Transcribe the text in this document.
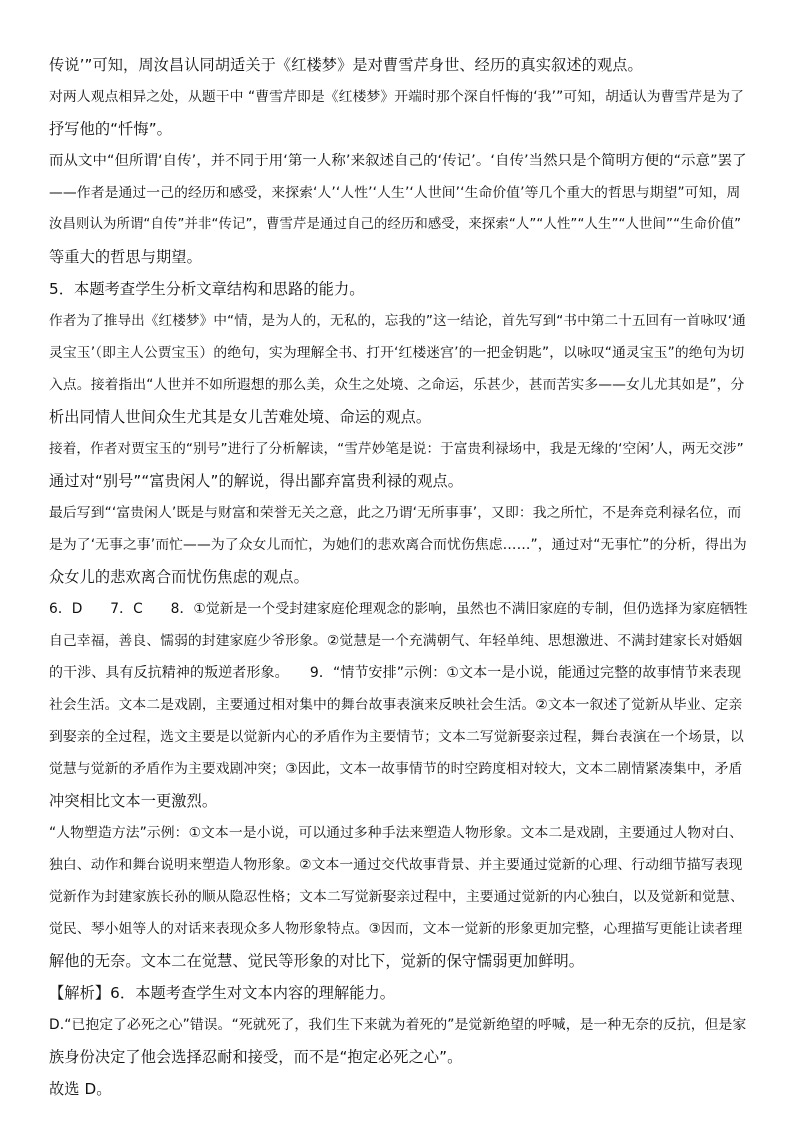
传说’”可知，周汝昌认同胡适关于《红楼梦》是对曹雪芹身世、经历的真实叙述的观点。
对两人观点相异之处，从题干中 “曹雪芹即是《红楼梦》开端时那个深自忏悔的‘我’”可知，胡适认为曹雪芹是为了
抒写他的“忏悔”。
而从文中“但所谓‘自传’，并不同于用‘第一人称’来叙述自己的‘传记’。‘自传’当然只是个简明方便的“示意”罢了
——作者是通过一己的经历和感受，来探索‘人’‘人性’‘人生’‘人世间’‘生命价值’等几个重大的哲思与期望”可知，周
汝昌则认为所谓“自传”并非“传记”，曹雪芹是通过自己的经历和感受，来探索“人”“人性”“人生”“人世间”“生命价值”
等重大的哲思与期望。
5．本题考查学生分析文章结构和思路的能力。
作者为了推导出《红楼梦》中“情，是为人的，无私的，忘我的”这一结论，首先写到“书中第二十五回有一首咏叹‘通
灵宝玉’（即主人公贾宝玉）的绝句，实为理解全书、打开‘红楼迷宫’的一把金钥匙”，以咏叹“通灵宝玉”的绝句为切
入点。接着指出“人世并不如所遐想的那么美，众生之处境、之命运，乐甚少，甚而苦实多——女儿尤其如是”，分
析出同情人世间众生尤其是女儿苦难处境、命运的观点。
接着，作者对贾宝玉的“别号”进行了分析解读，“雪芹妙笔是说：于富贵利禄场中，我是无缘的‘空闲’人，两无交涉”
通过对“别号”“富贵闲人”的解说，得出鄙弃富贵利禄的观点。
最后写到“‘富贵闲人’既是与财富和荣誉无关之意，此之乃谓‘无所事事’，又即：我之所忙，不是奔竞利禄名位，而
是为了‘无事之事’而忙——为了众女儿而忙，为她们的悲欢离合而忧伤焦虑……”，通过对“无事忙”的分析，得出为
众女儿的悲欢离合而忧伤焦虑的观点。
6．D　　7．C　　8．①觉新是一个受封建家庭伦理观念的影响，虽然也不满旧家庭的专制，但仍选择为家庭牺牲
自己幸福，善良、懦弱的封建家庭少爷形象。②觉慧是一个充满朝气、年轻单纯、思想激进、不满封建家长对婚姻
的干涉、具有反抗精神的叛逆者形象。　　9．“情节安排”示例：①文本一是小说，能通过完整的故事情节来表现
社会生活。文本二是戏剧，主要通过相对集中的舞台故事表演来反映社会生活。②文本一叙述了觉新从毕业、定亲
到娶亲的全过程，选文主要是以觉新内心的矛盾作为主要情节；文本二写觉新娶亲过程，舞台表演在一个场景，以
觉慧与觉新的矛盾作为主要戏剧冲突；③因此，文本一故事情节的时空跨度相对较大，文本二剧情紧凑集中，矛盾
冲突相比文本一更激烈。
“人物塑造方法”示例：①文本一是小说，可以通过多种手法来塑造人物形象。文本二是戏剧，主要通过人物对白、
独白、动作和舞台说明来塑造人物形象。②文本一通过交代故事背景、并主要通过觉新的心理、行动细节描写表现
觉新作为封建家族长孙的顺从隐忍性格；文本二写觉新娶亲过程中，主要通过觉新的内心独白，以及觉新和觉慧、
觉民、琴小姐等人的对话来表现众多人物形象特点。③因而，文本一觉新的形象更加完整，心理描写更能让读者理
解他的无奈。文本二在觉慧、觉民等形象的对比下，觉新的保守懦弱更加鲜明。
【解析】6．本题考查学生对文本内容的理解能力。
D.“已抱定了必死之心”错误。“死就死了，我们生下来就为着死的”是觉新绝望的呼喊，是一种无奈的反抗，但是家
族身份决定了他会选择忍耐和接受，而不是“抱定必死之心”。
故选 D。
